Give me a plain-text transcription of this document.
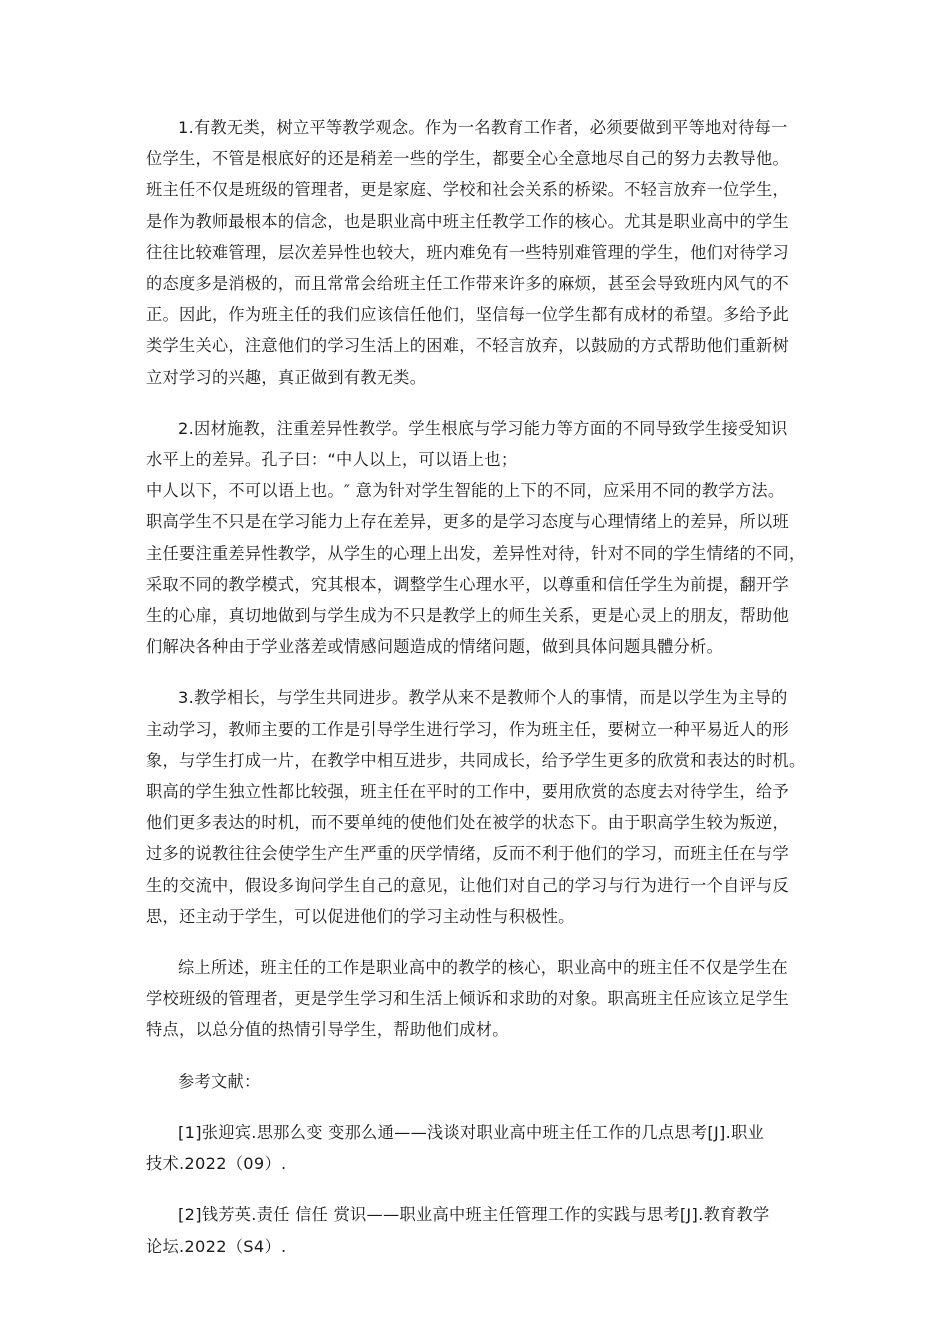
1.有教无类，树立平等教学观念。作为一名教育工作者，必须要做到平等地对待每一
位学生，不管是根底好的还是稍差一些的学生，都要全心全意地尽自己的努力去教导他。
班主任不仅是班级的管理者，更是家庭、学校和社会关系的桥梁。不轻言放弃一位学生，
是作为教师最根本的信念，也是职业高中班主任教学工作的核心。尤其是职业高中的学生
往往比较难管理，层次差异性也较大，班内难免有一些特别难管理的学生，他们对待学习
的态度多是消极的，而且常常会给班主任工作带来许多的麻烦，甚至会导致班内风气的不
正。因此，作为班主任的我们应该信任他们，坚信每一位学生都有成材的希望。多给予此
类学生关心，注意他们的学习生活上的困难，不轻言放弃，以鼓励的方式帮助他们重新树
立对学习的兴趣，真正做到有教无类。

2.因材施教，注重差异性教学。学生根底与学习能力等方面的不同导致学生接受知识
水平上的差异。孔子曰：“中人以上，可以语上也；
中人以下，不可以语上也。″ 意为针对学生智能的上下的不同，应采用不同的教学方法。
职高学生不只是在学习能力上存在差异，更多的是学习态度与心理情绪上的差异，所以班
主任要注重差异性教学，从学生的心理上出发，差异性对待，针对不同的学生情绪的不同，
采取不同的教学模式，究其根本，调整学生心理水平，以尊重和信任学生为前提，翻开学
生的心扉，真切地做到与学生成为不只是教学上的师生关系，更是心灵上的朋友，帮助他
们解决各种由于学业落差或情感问题造成的情绪问题，做到具体问题具體分析。

3.教学相长，与学生共同进步。教学从来不是教师个人的事情，而是以学生为主导的
主动学习，教师主要的工作是引导学生进行学习，作为班主任，要树立一种平易近人的形
象，与学生打成一片，在教学中相互进步，共同成长，给予学生更多的欣赏和表达的时机。
职高的学生独立性都比较强，班主任在平时的工作中，要用欣赏的态度去对待学生，给予
他们更多表达的时机，而不要单纯的使他们处在被学的状态下。由于职高学生较为叛逆，
过多的说教往往会使学生产生严重的厌学情绪，反而不利于他们的学习，而班主任在与学
生的交流中，假设多询问学生自己的意见，让他们对自己的学习与行为进行一个自评与反
思，还主动于学生，可以促进他们的学习主动性与积极性。

综上所述，班主任的工作是职业高中的教学的核心，职业高中的班主任不仅是学生在
学校班级的管理者，更是学生学习和生活上倾诉和求助的对象。职高班主任应该立足学生
特点，以总分值的热情引导学生，帮助他们成材。

参考文献：

[1]张迎宾.思那么变 变那么通——浅谈对职业高中班主任工作的几点思考[J].职业
技术.2022（09）.

[2]钱芳英.责任 信任 赏识——职业高中班主任管理工作的实践与思考[J].教育教学
论坛.2022（S4）.
